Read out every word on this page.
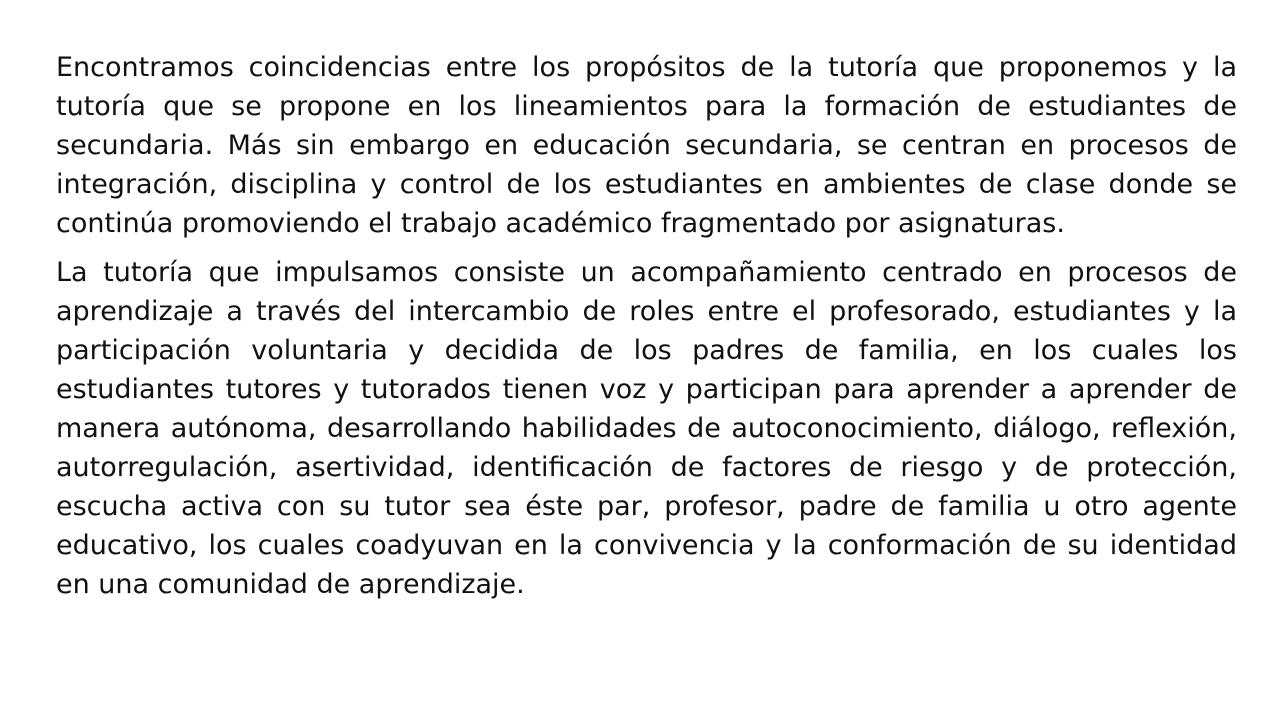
Encontramos coincidencias entre los propósitos de la tutoría que proponemos y la tutoría que se propone en los lineamientos para la formación de estudiantes de secundaria. Más sin embargo en educación secundaria, se centran en procesos de integración, disciplina y control de los estudiantes en ambientes de clase donde se continúa promoviendo el trabajo académico fragmentado por asignaturas.

La tutoría que impulsamos consiste un acompañamiento centrado en procesos de aprendizaje a través del intercambio de roles entre el profesorado, estudiantes y la participación voluntaria y decidida de los padres de familia, en los cuales los estudiantes tutores y tutorados tienen voz y participan para aprender a aprender de manera autónoma, desarrollando habilidades de autoconocimiento, diálogo, reflexión, autorregulación, asertividad, identificación de factores de riesgo y de protección, escucha activa con su tutor sea éste par, profesor, padre de familia u otro agente educativo, los cuales coadyuvan en la convivencia y la conformación de su identidad en una comunidad de aprendizaje.
